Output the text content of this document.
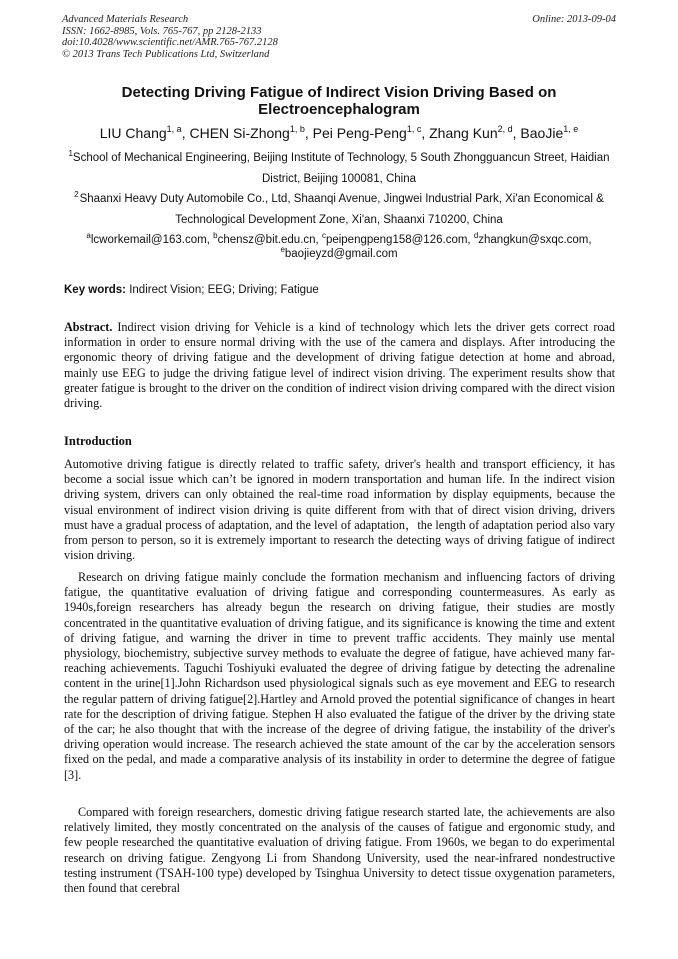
Advanced Materials Research
ISSN: 1662-8985, Vols. 765-767, pp 2128-2133
doi:10.4028/www.scientific.net/AMR.765-767.2128
© 2013 Trans Tech Publications Ltd, Switzerland
Online: 2013-09-04
Detecting Driving Fatigue of Indirect Vision Driving Based on Electroencephalogram
LIU Chang$^{1, a}$, CHEN Si-Zhong$^{1, b}$, Pei Peng-Peng$^{1, c}$, Zhang Kun$^{2, d}$, BaoJie$^{1, e}$
$^1$School of Mechanical Engineering, Beijing Institute of Technology, 5 South Zhongguancun Street, Haidian District, Beijing 100081, China
$^2$ Shaanxi Heavy Duty Automobile Co., Ltd, Shaanqi Avenue, Jingwei Industrial Park, Xi'an Economical & Technological Development Zone, Xi'an, Shaanxi 710200, China
$^a$lcworkemail@163.com, $^b$chensz@bit.edu.cn, $^c$peipengpeng158@126.com, $^d$zhangkun@sxqc.com,
$^e$baojieyzd@gmail.com
Key words: Indirect Vision; EEG; Driving; Fatigue
Abstract. Indirect vision driving for Vehicle is a kind of technology which lets the driver gets correct road information in order to ensure normal driving with the use of the camera and displays. After introducing the ergonomic theory of driving fatigue and the development of driving fatigue detection at home and abroad, mainly use EEG to judge the driving fatigue level of indirect vision driving. The experiment results show that greater fatigue is brought to the driver on the condition of indirect vision driving compared with the direct vision driving.
Introduction

Automotive driving fatigue is directly related to traffic safety, driver's health and transport efficiency, it has become a social issue which can’t be ignored in modern transportation and human life. In the indirect vision driving system, drivers can only obtained the real-time road information by display equipments, because the visual environment of indirect vision driving is quite different from with that of direct vision driving, drivers must have a gradual process of adaptation, and the level of adaptation，the length of adaptation period also vary from person to person, so it is extremely important to research the detecting ways of driving fatigue of indirect vision driving.

Research on driving fatigue mainly conclude the formation mechanism and influencing factors of driving fatigue, the quantitative evaluation of driving fatigue and corresponding countermeasures. As early as 1940s,foreign researchers has already begun the research on driving fatigue, their studies are mostly concentrated in the quantitative evaluation of driving fatigue, and its significance is knowing the time and extent of driving fatigue, and warning the driver in time to prevent traffic accidents. They mainly use mental physiology, biochemistry, subjective survey methods to evaluate the degree of fatigue, have achieved many far-reaching achievements. Taguchi Toshiyuki evaluated the degree of driving fatigue by detecting the adrenaline content in the urine[1].John Richardson used physiological signals such as eye movement and EEG to research the regular pattern of driving fatigue[2].Hartley and Arnold proved the potential significance of changes in heart rate for the description of driving fatigue. Stephen H also evaluated the fatigue of the driver by the driving state of the car; he also thought that with the increase of the degree of driving fatigue, the instability of the driver's driving operation would increase. The research achieved the state amount of the car by the acceleration sensors fixed on the pedal, and made a comparative analysis of its instability in order to determine the degree of fatigue [3].

Compared with foreign researchers, domestic driving fatigue research started late, the achievements are also relatively limited, they mostly concentrated on the analysis of the causes of fatigue and ergonomic study, and few people researched the quantitative evaluation of driving fatigue. From 1960s, we began to do experimental research on driving fatigue. Zengyong Li from Shandong University, used the near-infrared nondestructive testing instrument (TSAH-100 type) developed by Tsinghua University to detect tissue oxygenation parameters, then found that cerebral
